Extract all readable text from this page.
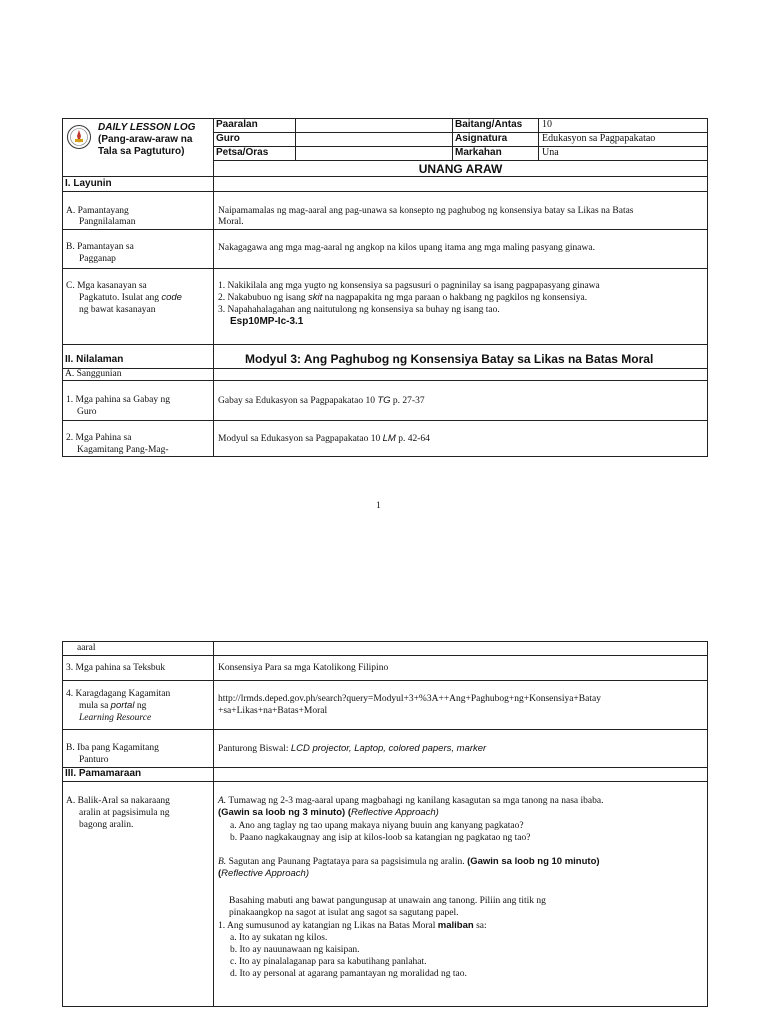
DAILY LESSON LOG
(Pang-araw-araw na
Tala sa Pagtuturo)
Paaralan
Guro
Petsa/Oras
Baitang/Antas
Asignatura
Markahan
10
Edukasyon sa Pagpapakatao
Una
UNANG ARAW
I. Layunin
A. Pamantayang
Pangnilalaman
Naipamamalas ng mag-aaral ang pag-unawa sa konsepto ng paghubog ng konsensiya batay sa Likas na Batas
Moral.
B. Pamantayan sa
Pagganap
Nakagagawa ang mga mag-aaral ng angkop na kilos upang itama ang mga maling pasyang ginawa.
C. Mga kasanayan sa
Pagkatuto. Isulat ang code
ng bawat kasanayan
1. Nakikilala ang mga yugto ng konsensiya sa pagsusuri o pagninilay sa isang pagpapasyang ginawa
2. Nakabubuo ng isang skit na nagpapakita ng mga paraan o hakbang ng pagkilos ng konsensiya.
3. Napahahalagahan ang naitutulong ng konsensiya sa buhay ng isang tao.
Esp10MP-Ic-3.1
II. Nilalaman	Modyul 3: Ang Paghubog ng Konsensiya Batay sa Likas na Batas Moral
A. Sanggunian
1. Mga pahina sa Gabay ng
Guro
Gabay sa Edukasyon sa Pagpapakatao 10 TG p. 27-37
2. Mga Pahina sa
Kagamitang Pang-Mag-
Modyul sa Edukasyon sa Pagpapakatao 10 LM p. 42-64
1
aaral
3. Mga pahina sa Teksbuk	Konsensiya Para sa mga Katolikong Filipino
4. Karagdagang Kagamitan
mula sa portal ng
Learning Resource
http://lrmds.deped.gov.ph/search?query=Modyul+3+%3A++Ang+Paghubog+ng+Konsensiya+Batay
+sa+Likas+na+Batas+Moral
B. Iba pang Kagamitang
Panturo
Panturong Biswal: LCD projector, Laptop, colored papers, marker
III. Pamamaraan
A. Balik-Aral sa nakaraang
aralin at pagsisimula ng
bagong aralin.
A. Tumawag ng 2-3 mag-aaral upang magbahagi ng kanilang kasagutan sa mga tanong na nasa ibaba.
(Gawin sa loob ng 3 minuto) (Reflective Approach)
a. Ano ang taglay ng tao upang makaya niyang buuin ang kanyang pagkatao?
b. Paano nagkakaugnay ang isip at kilos-loob sa katangian ng pagkatao ng tao?
B. Sagutan ang Paunang Pagtataya para sa pagsisimula ng aralin. (Gawin sa loob ng 10 minuto)
(Reflective Approach)
Basahing mabuti ang bawat pangungusap at unawain ang tanong. Piliin ang titik ng
pinakaangkop na sagot at isulat ang sagot sa sagutang papel.
1. Ang sumusunod ay katangian ng Likas na Batas Moral maliban sa:
a. Ito ay sukatan ng kilos.
b. Ito ay nauunawaan ng kaisipan.
c. Ito ay pinalalaganap para sa kabutihang panlahat.
d. Ito ay personal at agarang pamantayan ng moralidad ng tao.
